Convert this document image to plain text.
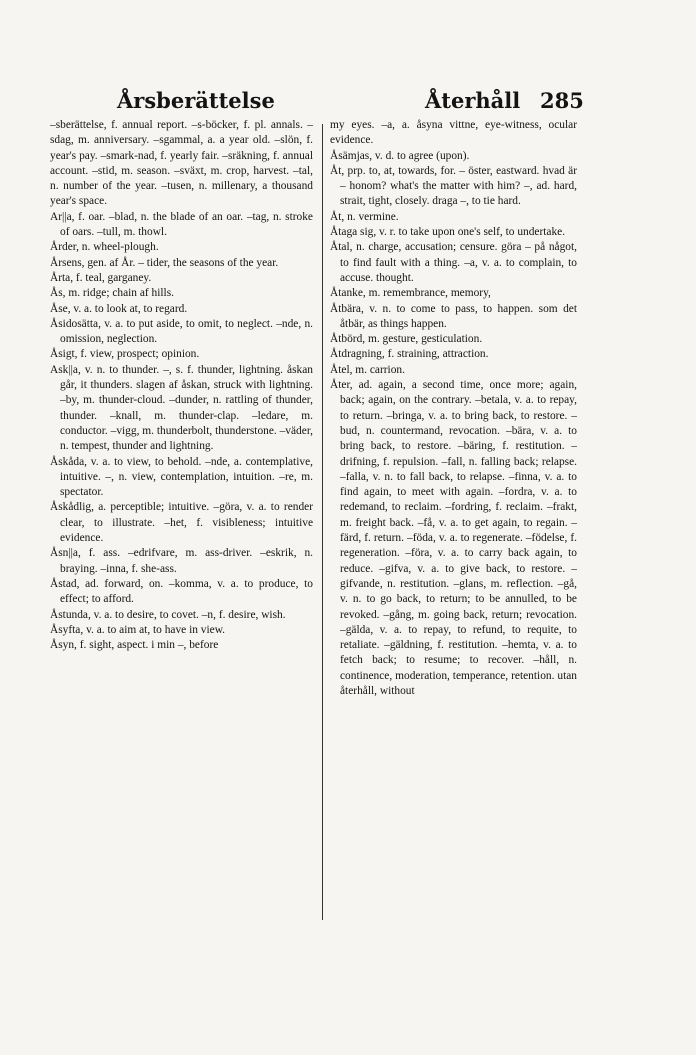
Årsberättelse	Återhåll 285

–sberättelse, f. annual report. –s-böcker, f. pl. annals. –sdag, m. anniversary. –sgammal, a. a year old. –slön, f. year's pay. –smark-nad, f. yearly fair. –sräkning, f. annual account. –stid, m. season. –sväxt, m. crop, harvest. –tal, n. number of the year. –tusen, n. millenary, a thousand year's space.

Ar||a, f. oar. –blad, n. the blade of an oar. –tag, n. stroke of oars. –tull, m. thowl.

Årder, n. wheel-plough.

Årsens, gen. af År. – tider, the seasons of the year.

Årta, f. teal, garganey.

Ås, m. ridge; chain af hills.

Åse, v. a. to look at, to regard.

Åsidosätta, v. a. to put aside, to omit, to neglect. –nde, n. omission, neglection.

Åsigt, f. view, prospect; opinion.

Ask||a, v. n. to thunder. –, s. f. thunder, lightning. åskan går, it thunders. slagen af åskan, struck with lightning. –by, m. thunder-cloud. –dunder, n. rattling of thunder, thunder. –knall, m. thunder-clap. –ledare, m. conductor. –vigg, m. thunderbolt, thunderstone. –väder, n. tempest, thunder and lightning.

Åskåda, v. a. to view, to behold. –nde, a. contemplative, intuitive. –, n. view, contemplation, intuition. –re, m. spectator.

Åskådlig, a. perceptible; intuitive. –göra, v. a. to render clear, to illustrate. –het, f. visibleness; intuitive evidence.

Åsn||a, f. ass. –edrifvare, m. ass-driver. –eskrik, n. braying. –inna, f. she-ass.

Åstad, ad. forward, on. –komma, v. a. to produce, to effect; to afford.

Åstunda, v. a. to desire, to covet. –n, f. desire, wish.

Åsyfta, v. a. to aim at, to have in view.

Åsyn, f. sight, aspect. i min –, before

my eyes. –a, a. åsyna vittne, eye-witness, ocular evidence.

Åsämjas, v. d. to agree (upon).

Åt, prp. to, at, towards, for. – öster, eastward. hvad är – honom? what's the matter with him? –, ad. hard, strait, tight, closely. draga –, to tie hard.

Åt, n. vermine.

Åtaga sig, v. r. to take upon one's self, to undertake.

Åtal, n. charge, accusation; censure. göra – på något, to find fault with a thing. –a, v. a. to complain, to accuse. thought.

Åtanke, m. remembrance, memory,

Åtbära, v. n. to come to pass, to happen. som det åtbär, as things happen.

Åtbörd, m. gesture, gesticulation.

Åtdragning, f. straining, attraction.

Åtel, m. carrion.

Åter, ad. again, a second time, once more; again, back; again, on the contrary. –betala, v. a. to repay, to return. –bringa, v. a. to bring back, to restore. –bud, n. countermand, revocation. –bära, v. a. to bring back, to restore. –bäring, f. restitution. –drifning, f. repulsion. –fall, n. falling back; relapse. –falla, v. n. to fall back, to relapse. –finna, v. a. to find again, to meet with again. –fordra, v. a. to redemand, to reclaim. –fordring, f. reclaim. –frakt, m. freight back. –få, v. a. to get again, to regain. –färd, f. return. –föda, v. a. to regenerate. –födelse, f. regeneration. –föra, v. a. to carry back again, to reduce. –gifva, v. a. to give back, to restore. –gifvande, n. restitution. –glans, m. reflection. –gå, v. n. to go back, to return; to be annulled, to be revoked. –gång, m. going back, return; revocation. –gälda, v. a. to repay, to refund, to requite, to retaliate. –gäldning, f. restitution. –hemta, v. a. to fetch back; to resume; to recover. –håll, n. continence, moderation, temperance, retention. utan återhåll, without
